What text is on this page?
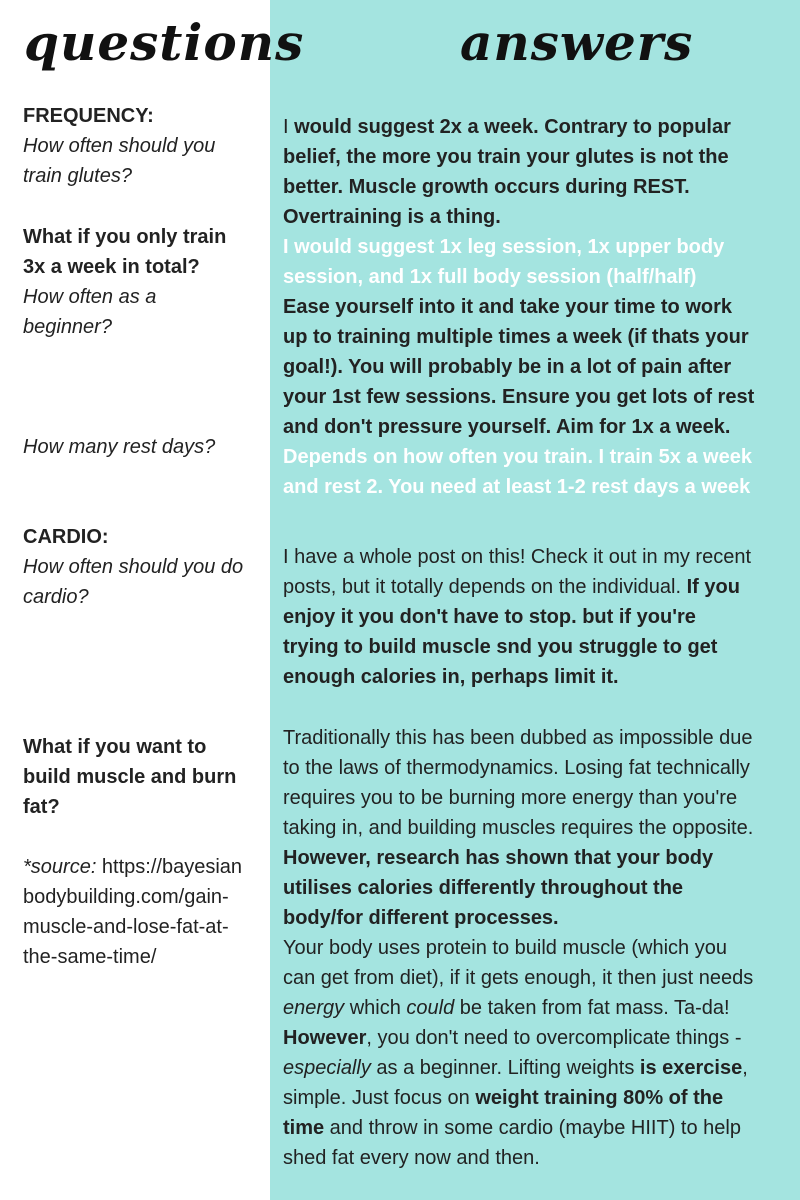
questions	answers
FREQUENCY:
How often should you
train glutes?
What if you only train
3x a week in total?
How often as a
beginner?
How many rest days?
CARDIO:
How often should you do
cardio?
What if you want to
build muscle and burn
fat?
*source: https://bayesian
bodybuilding.com/gain-
muscle-and-lose-fat-at-
the-same-time/
I would suggest 2x a week. Contrary to popular
belief, the more you train your glutes is not the
better. Muscle growth occurs during REST.
Overtraining is a thing.
I would suggest 1x leg session, 1x upper body
session, and 1x full body session (half/half)
Ease yourself into it and take your time to work
up to training multiple times a week (if thats your
goal!). You will probably be in a lot of pain after
your 1st few sessions. Ensure you get lots of rest
and don't pressure yourself. Aim for 1x a week.
Depends on how often you train. I train 5x a week
and rest 2. You need at least 1-2 rest days a week
I have a whole post on this! Check it out in my recent
posts, but it totally depends on the individual. If you
enjoy it you don't have to stop. but if you're
trying to build muscle snd you struggle to get
enough calories in, perhaps limit it.
Traditionally this has been dubbed as impossible due
to the laws of thermodynamics. Losing fat technically
requires you to be burning more energy than you're
taking in, and building muscles requires the opposite.
However, research has shown that your body
utilises calories differently throughout the
body/for different processes.
Your body uses protein to build muscle (which you
can get from diet), if it gets enough, it then just needs
energy which could be taken from fat mass. Ta-da!
However, you don't need to overcomplicate things -
especially as a beginner. Lifting weights is exercise,
simple. Just focus on weight training 80% of the
time and throw in some cardio (maybe HIIT) to help
shed fat every now and then.
